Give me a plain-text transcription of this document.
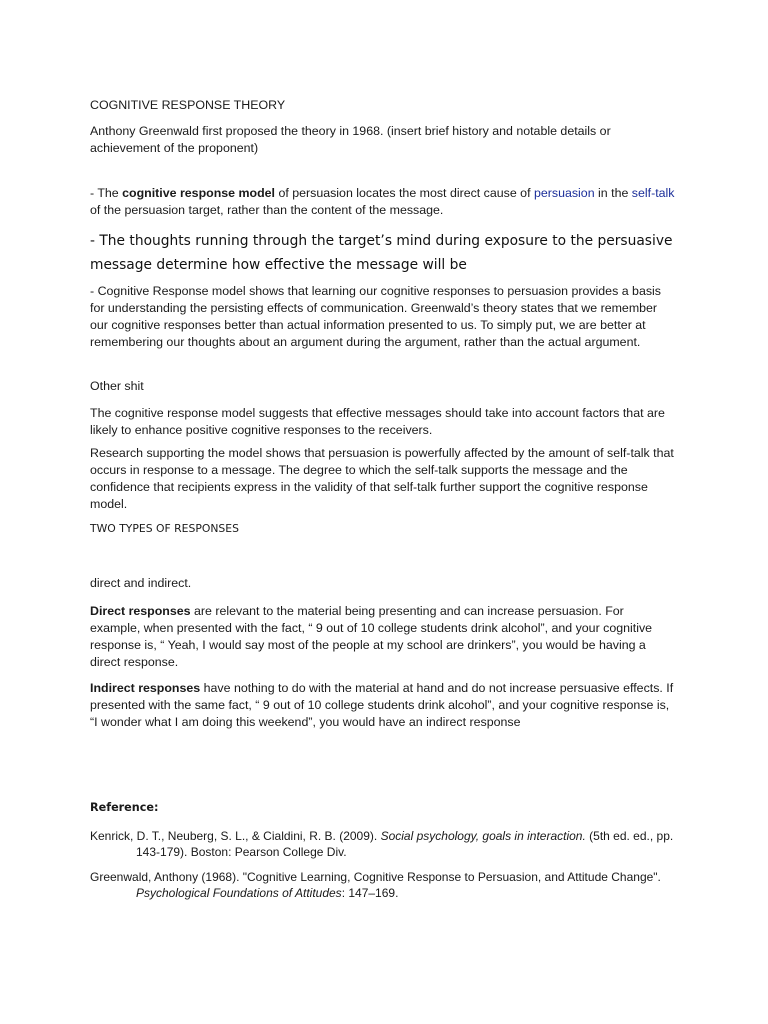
COGNITIVE RESPONSE THEORY

Anthony Greenwald first proposed the theory in 1968. (insert brief history and notable details or achievement of the proponent)

- The cognitive response model of persuasion locates the most direct cause of persuasion in the self-talk of the persuasion target, rather than the content of the message.

- The thoughts running through the target’s mind during exposure to the persuasive message determine how effective the message will be

- Cognitive Response model shows that learning our cognitive responses to persuasion provides a basis for understanding the persisting effects of communication. Greenwald’s theory states that we remember our cognitive responses better than actual information presented to us. To simply put, we are better at remembering our thoughts about an argument during the argument, rather than the actual argument.

Other shit

The cognitive response model suggests that effective messages should take into account factors that are likely to enhance positive cognitive responses to the receivers.

Research supporting the model shows that persuasion is powerfully affected by the amount of self-talk that occurs in response to a message. The degree to which the self-talk supports the message and the confidence that recipients express in the validity of that self-talk further support the cognitive response model.

TWO TYPES OF RESPONSES

direct and indirect.

Direct responses are relevant to the material being presenting and can increase persuasion. For example, when presented with the fact, “ 9 out of 10 college students drink alcohol”, and your cognitive response is, “ Yeah, I would say most of the people at my school are drinkers”, you would be having a direct response.

Indirect responses have nothing to do with the material at hand and do not increase persuasive effects. If presented with the same fact, “ 9 out of 10 college students drink alcohol”, and your cognitive response is, “I wonder what I am doing this weekend”, you would have an indirect response

Reference:

Kenrick, D. T., Neuberg, S. L., & Cialdini, R. B. (2009). Social psychology, goals in interaction. (5th ed. ed., pp. 143-179). Boston: Pearson College Div.

Greenwald, Anthony (1968). "Cognitive Learning, Cognitive Response to Persuasion, and Attitude Change". Psychological Foundations of Attitudes: 147–169.
